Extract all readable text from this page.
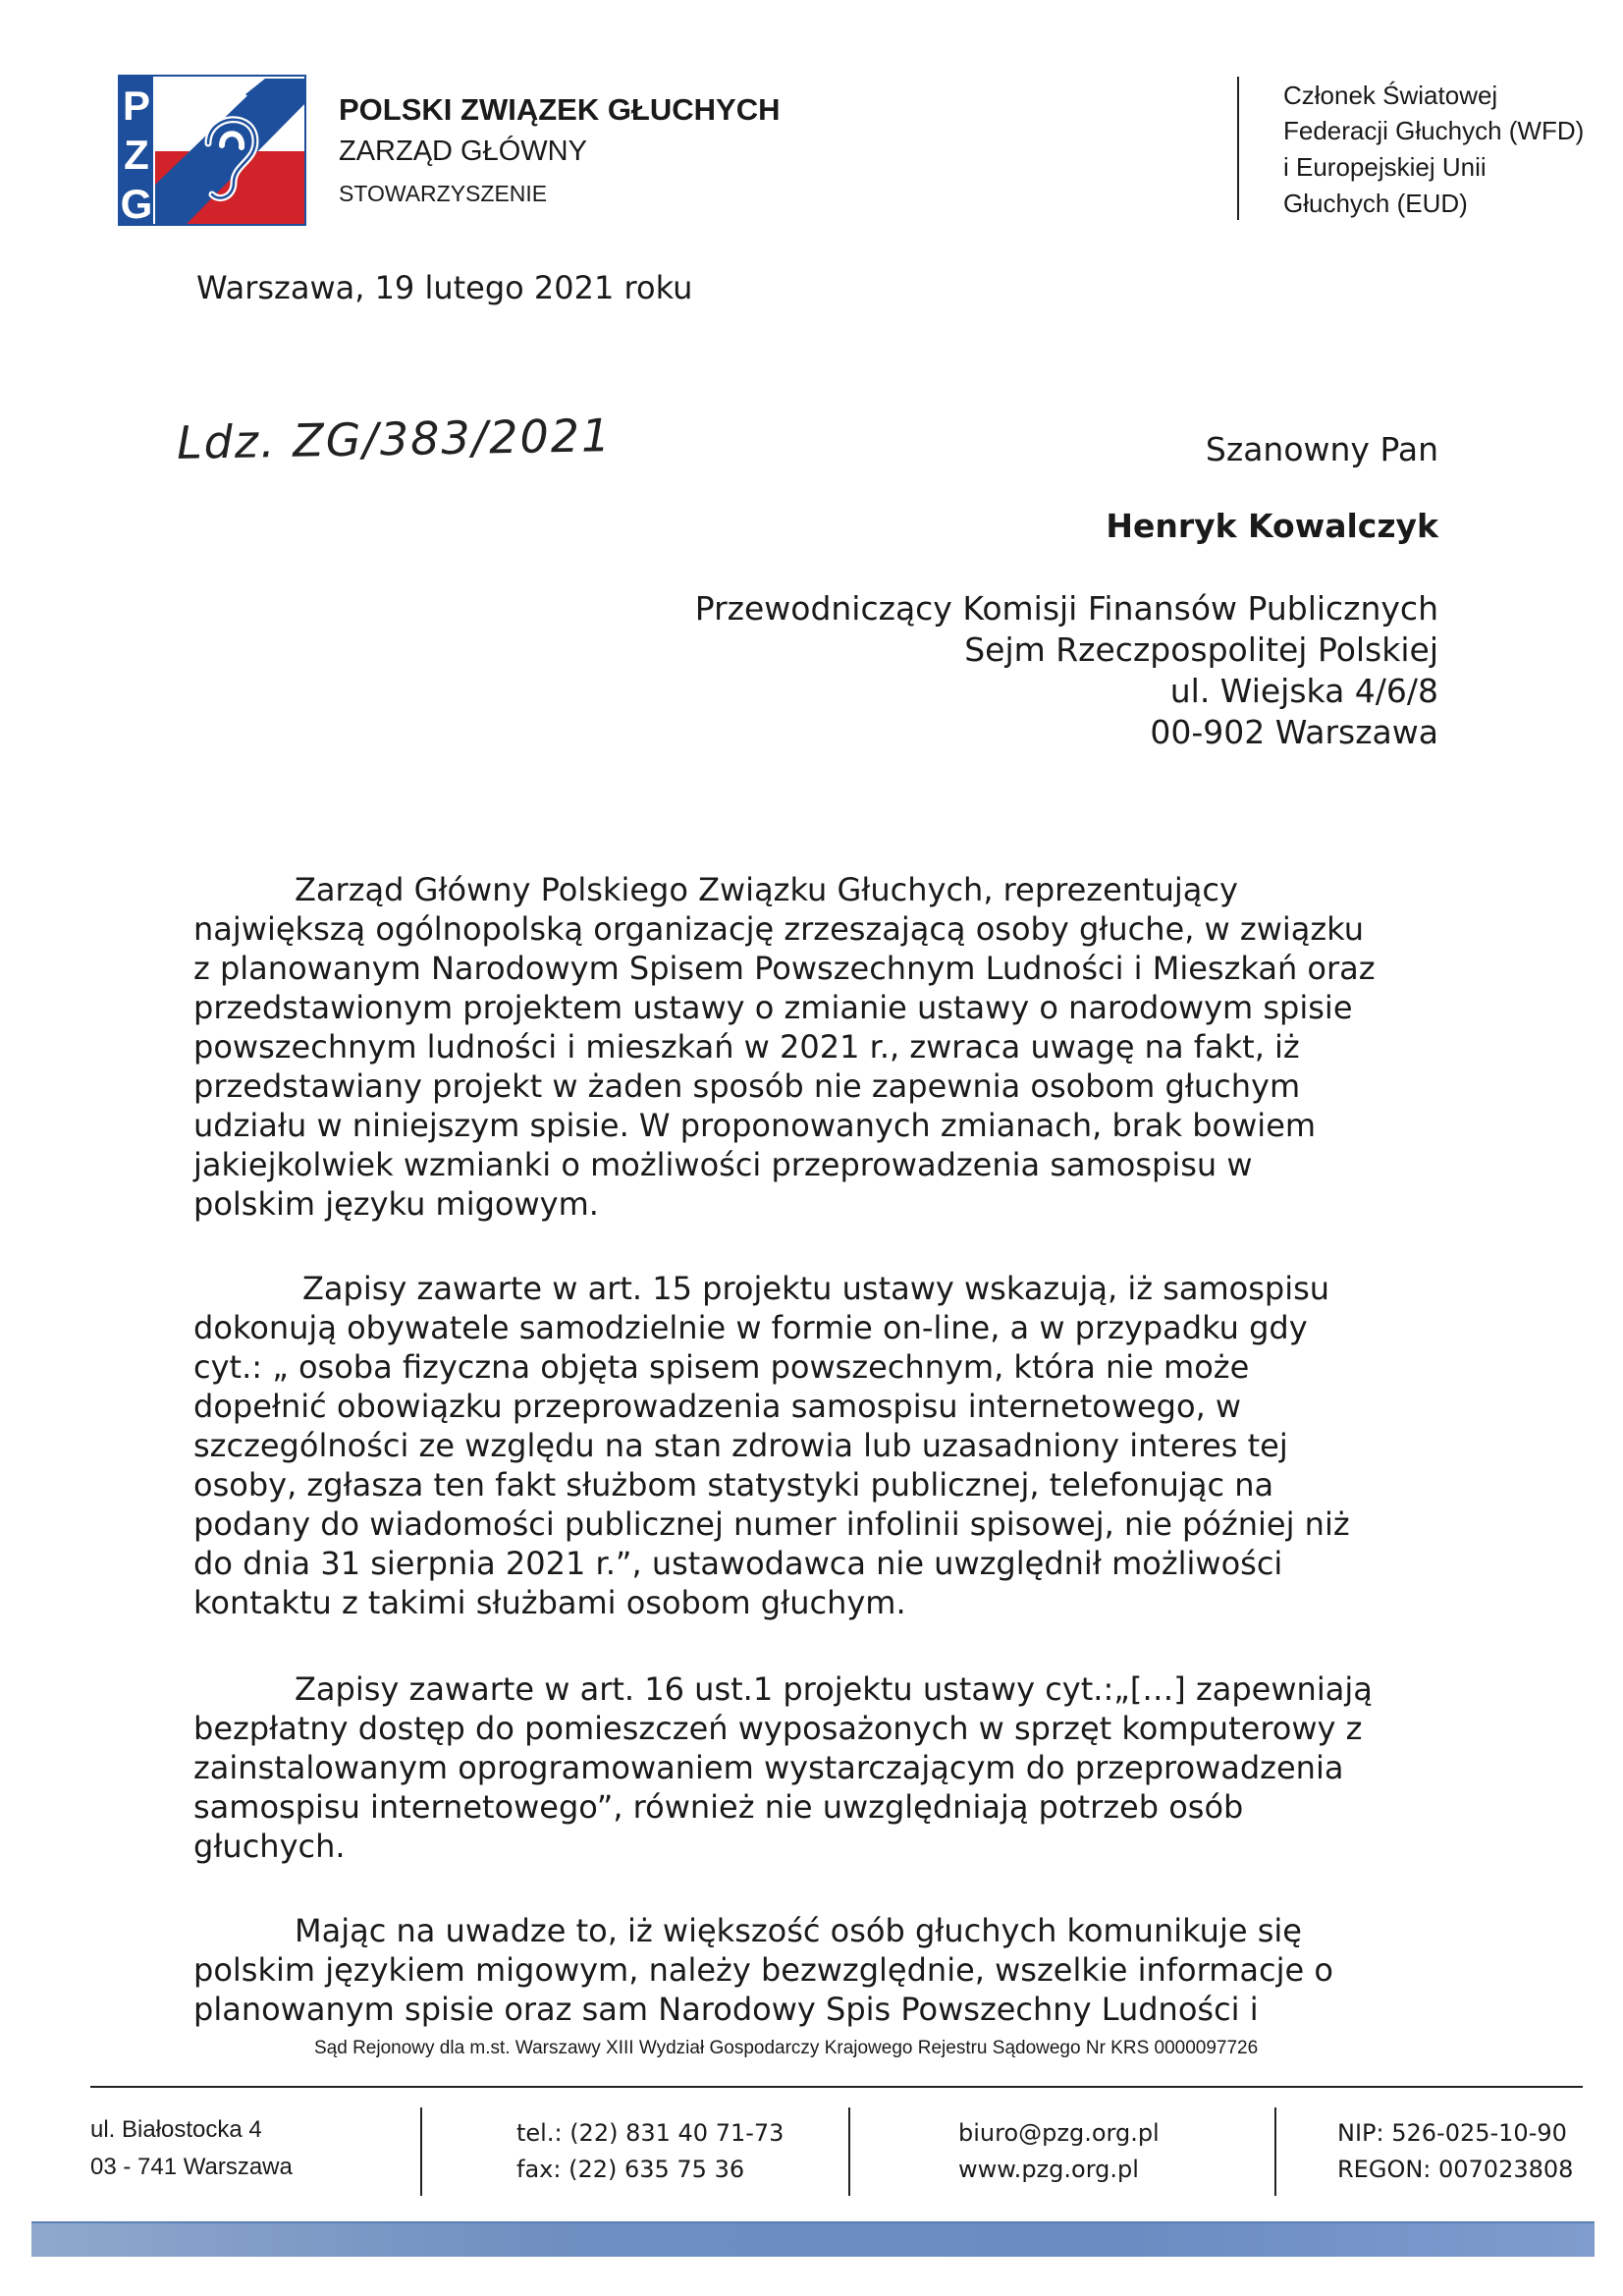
P
Z
G
POLSKI ZWIĄZEK GŁUCHYCH
ZARZĄD GŁÓWNY
STOWARZYSZENIE
Członek Światowej
Federacji Głuchych (WFD)
i Europejskiej Unii
Głuchych (EUD)
Warszawa, 19 lutego 2021 roku
Ldz. ZG/383/2021	Szanowny Pan
Henryk Kowalczyk
Przewodniczący Komisji Finansów Publicznych
Sejm Rzeczpospolitej Polskiej
ul. Wiejska 4/6/8
00-902 Warszawa
Zarząd Główny Polskiego Związku Głuchych, reprezentujący
największą ogólnopolską organizację zrzeszającą osoby głuche, w związku
z planowanym Narodowym Spisem Powszechnym Ludności i Mieszkań oraz
przedstawionym projektem ustawy o zmianie ustawy o narodowym spisie
powszechnym ludności i mieszkań w 2021 r., zwraca uwagę na fakt, iż
przedstawiany projekt w żaden sposób nie zapewnia osobom głuchym
udziału w niniejszym spisie. W proponowanych zmianach, brak bowiem
jakiejkolwiek wzmianki o możliwości przeprowadzenia samospisu w
polskim języku migowym.
Zapisy zawarte w art. 15 projektu ustawy wskazują, iż samospisu
dokonują obywatele samodzielnie w formie on-line, a w przypadku gdy
cyt.: „ osoba fizyczna objęta spisem powszechnym, która nie może
dopełnić obowiązku przeprowadzenia samospisu internetowego, w
szczególności ze względu na stan zdrowia lub uzasadniony interes tej
osoby, zgłasza ten fakt służbom statystyki publicznej, telefonując na
podany do wiadomości publicznej numer infolinii spisowej, nie później niż
do dnia 31 sierpnia 2021 r.”, ustawodawca nie uwzględnił możliwości
kontaktu z takimi służbami osobom głuchym.
Zapisy zawarte w art. 16 ust.1 projektu ustawy cyt.:„[…] zapewniają
bezpłatny dostęp do pomieszczeń wyposażonych w sprzęt komputerowy z
zainstalowanym oprogramowaniem wystarczającym do przeprowadzenia
samospisu internetowego”, również nie uwzględniają potrzeb osób
głuchych.
Mając na uwadze to, iż większość osób głuchych komunikuje się
polskim językiem migowym, należy bezwzględnie, wszelkie informacje o
planowanym spisie oraz sam Narodowy Spis Powszechny Ludności i
Sąd Rejonowy dla m.st. Warszawy XIII Wydział Gospodarczy Krajowego Rejestru Sądowego Nr KRS 0000097726
ul. Białostocka 4
03 - 741 Warszawa
tel.: (22) 831 40 71-73
fax: (22) 635 75 36
biuro@pzg.org.pl
www.pzg.org.pl
NIP: 526-025-10-90
REGON: 007023808
